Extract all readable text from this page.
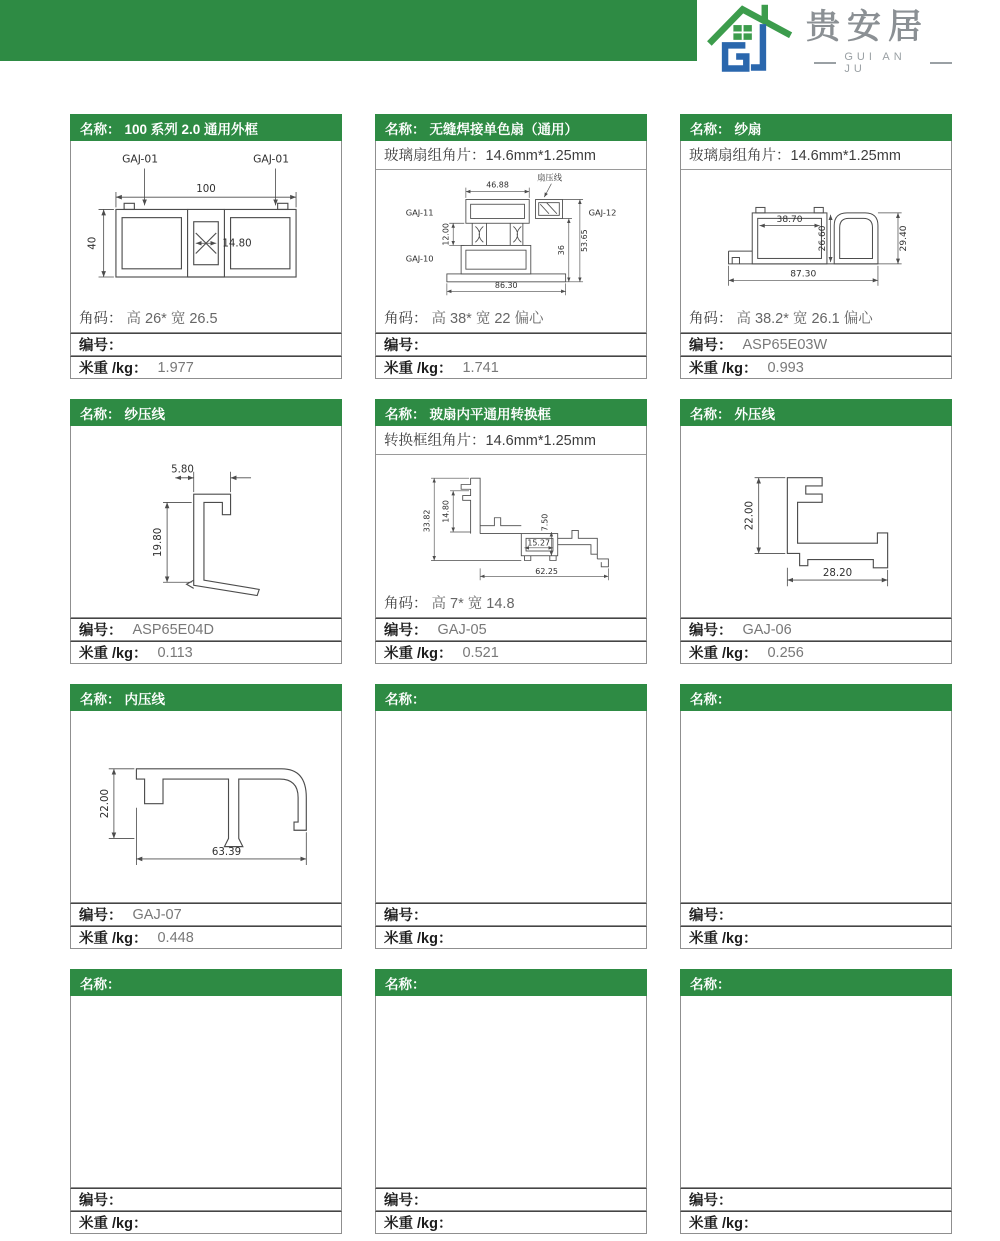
贵安居
GUI AN JU
名称： 100 系列 2.0 通用外框
100
40	14.80
GAJ-01	GAJ-01
角码： 高 26* 宽 26.5
编号：
米重 /kg： 1.977
名称： 无缝焊接单色扇（通用）
玻璃扇组角片：14.6mm*1.25mm
46.88
12.00	53.65
36
86.30
扇压线
GAJ-11
GAJ-10
GAJ-12
角码： 高 38* 宽 22 偏心
编号：
米重 /kg： 1.741
名称： 纱扇
玻璃扇组角片：14.6mm*1.25mm
38.70
26.60	29.40
87.30
角码： 高 38.2* 宽 26.1 偏心
编号： ASP65E03W
米重 /kg： 0.993
名称： 纱压线
5.80
19.80
编号： ASP65E04D
米重 /kg： 0.113
名称： 玻扇内平通用转换框
转换框组角片：14.6mm*1.25mm
33.82 14.80	7.50
15.27
62.25
角码： 高 7* 宽 14.8
编号： GAJ-05
米重 /kg： 0.521
名称： 外压线
22.00
28.20
编号： GAJ-06
米重 /kg： 0.256
名称： 内压线
22.00
63.39
编号： GAJ-07
米重 /kg： 0.448
名称：
编号：
米重 /kg：
名称：
编号：
米重 /kg：
名称：
编号：
米重 /kg：
名称：
编号：
米重 /kg：
名称：
编号：
米重 /kg：
